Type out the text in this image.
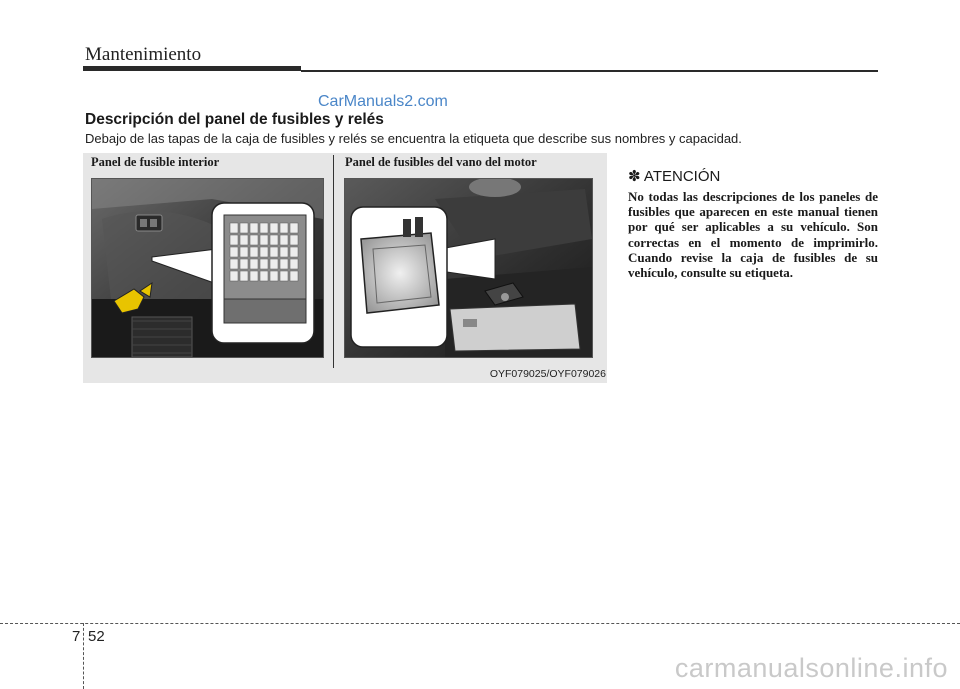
Mantenimiento
CarManuals2.com
Descripción del panel de fusibles y relés
Debajo de las tapas de la caja de fusibles y relés se encuentra la etiqueta que describe sus nombres y capacidad.
Panel de fusible interior	Panel de fusibles del vano del motor
OYF079025/OYF079026
✽ ATENCIÓN
No todas las descripciones de los paneles de fusibles que aparecen en este manual tienen por qué ser aplicables a su vehículo. Son correctas en el momento de imprimirlo. Cuando revise la caja de fusibles de su vehículo, consulte su etiqueta.
7 52
carmanualsonline.info
